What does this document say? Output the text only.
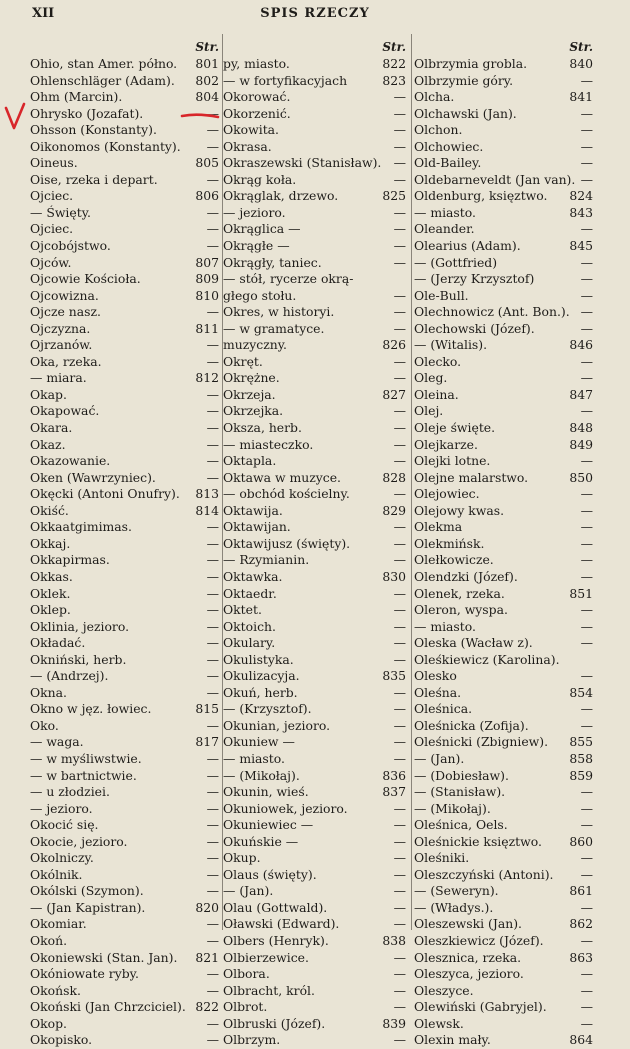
XII	SPIS RZECZY
Str.
Ohio, stan Amer. półno. 801
Ohlenschläger (Adam). 802
Ohm (Marcin).	804
Ohrysko (Jozafat).	—
Ohsson (Konstanty).	—
Oikonomos (Konstanty). —
Oineus.	805
Oise, rzeka i depart.	—
Ojciec.	806
— Święty.	—
Ojciec.	—
Ojcobójstwo.	—
Ojców.	807
Ojcowie Kościoła.	809
Ojcowizna.	810
Ojcze nasz.	—
Ojczyzna.	811
Ojrzanów.	—
Oka, rzeka.	—
— miara.	812
Okap.	—
Okapować.	—
Okara.	—
Okaz.	—
Okazowanie.	—
Oken (Wawrzyniec).	—
Okęcki (Antoni Onufry). 813
Okiść.	814
Okkaatgimimas.	—
Okkaj.	—
Okkapirmas.	—
Okkas.	—
Oklek.	—
Oklep.	—
Oklinia, jezioro.	—
Okładać.	—
Okniński, herb.	—
— (Andrzej).	—
Okna.	—
Okno w jęz. łowiec.	815
Oko.	—
— waga.	817
— w myśliwstwie.	—
— w bartnictwie.	—
— u złodziei.	—
— jezioro.	—
Okocić się.	—
Okocie, jezioro.	—
Okolniczy.	—
Okólnik.	—
Okólski (Szymon).	—
— (Jan Kapistran).	820
Okomiar.	—
Okoń.	—
Okoniewski (Stan. Jan). 821
Okóniowate ryby.	—
Okońsk.	—
Okoński (Jan Chrzciciel). 822
Okop.	—
Okopisko.	—
Str.
py, miasto.	822
— w fortyfikacyjach	823
Okorować.	—
Okorzenić.	—
Okowita.	—
Okrasa.	—
Okraszewski (Stanisław). —
Okrąg koła.	—
Okrąglak, drzewo.	825
— jezioro.	—
Okrąglica —	—
Okrągłe —	—
Okrągły, taniec.	—
— stół, rycerze okrą-
głego stołu.	—
Okres, w historyi.	—
— w gramatyce.	—
muzyczny.	826
Okręt.	—
Okrężne.	—
Okrzeja.	827
Okrzejka.	—
Oksza, herb.	—
— miasteczko.	—
Oktapla.	—
Oktawa w muzyce.	828
— obchód kościelny.	—
Oktawija.	829
Oktawijan.	—
Oktawijusz (święty).	—
— Rzymianin.	—
Oktawka.	830
Oktaedr.	—
Oktet.	—
Oktoich.	—
Okulary.	—
Okulistyka.	—
Okulizacyja.	835
Okuń, herb.	—
— (Krzysztof).	—
Okunian, jezioro.	—
Okuniew —	—
— miasto.	—
— (Mikołaj).	836
Okunin, wieś.	837
Okuniowek, jezioro.	—
Okuniewiec —	—
Okuńskie —	—
Okup.	—
Olaus (święty).	—
— (Jan).	—
Olau (Gottwald).	—
Oławski (Edward).	—
Olbers (Henryk).	838
Olbierzewice.	—
Olbora.	—
Olbracht, król.	—
Olbrot.	—
Olbruski (Józef).	839
Olbrzym.	—
Str.
Olbrzymia grobla.	840
Olbrzymie góry.	—
Olcha.	841
Olchawski (Jan).	—
Olchon.	—
Olchowiec.	—
Old-Bailey.	—
Oldebarneveldt (Jan van). —
Oldenburg, księztwo. 824
— miasto.	843
Oleander.	—
Olearius (Adam).	845
— (Gottfried)	—
— (Jerzy Krzysztof)	—
Ole-Bull.	—
Olechnowicz (Ant. Bon.). —
Olechowski (Józef).	—
— (Witalis).	846
Olecko.	—
Oleg.	—
Oleina.	847
Olej.	—
Oleje święte.	848
Olejkarze.	849
Olejki lotne.	—
Olejne malarstwo.	850
Olejowiec.	—
Olejowy kwas.	—
Olekma	—
Olekmińsk.	—
Olełkowicze.	—
Olendzki (Józef).	—
Olenek, rzeka.	851
Oleron, wyspa.	—
— miasto.	—
Oleska (Wacław z).	—
Oleśkiewicz (Karolina).
Olesko	—
Oleśna.	854
Oleśnica.	—
Oleśnicka (Zofija).	—
Oleśnicki (Zbigniew). 855
— (Jan).	858
— (Dobiesław).	859
— (Stanisław).	—
— (Mikołaj).	—
Oleśnica, Oels.	—
Oleśnickie księztwo. 860
Oleśniki.	—
Oleszczyński (Antoni). —
— (Seweryn).	861
— (Władys.).	—
Oleszewski (Jan).	862
Oleszkiewicz (Józef).	—
Olesznica, rzeka.	863
Oleszyca, jezioro.	—
Oleszyce.	—
Olewiński (Gabryjel).	—
Olewsk.	—
Olexin mały.	864
